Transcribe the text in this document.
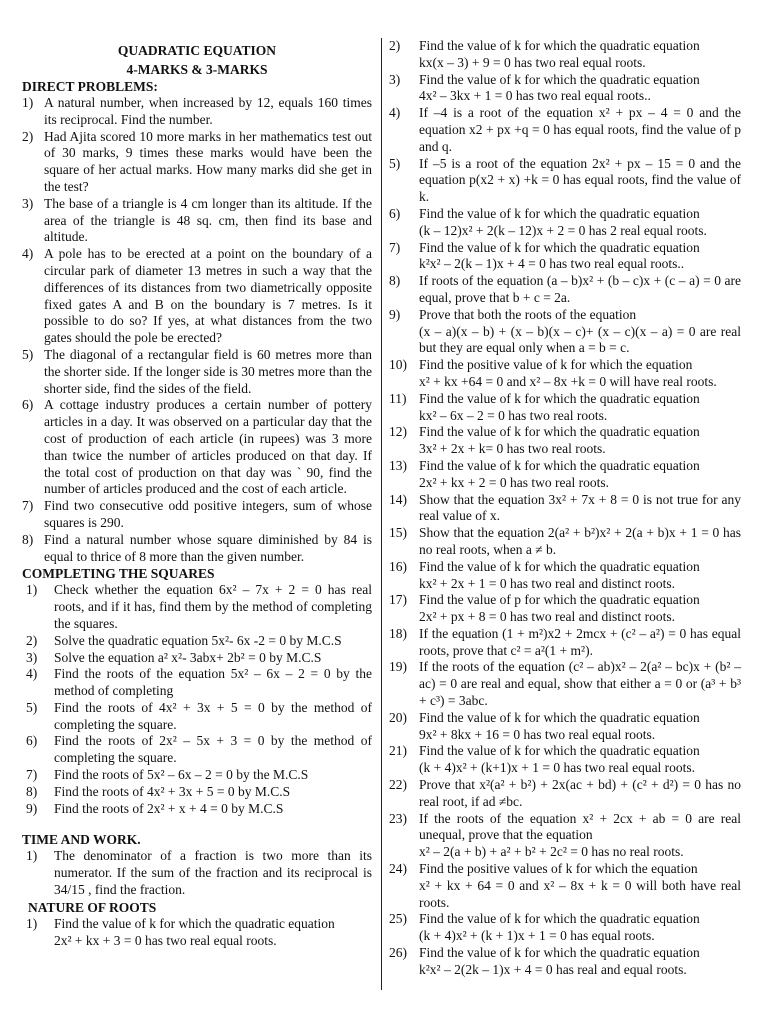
QUADRATIC EQUATION
4-MARKS & 3-MARKS
DIRECT PROBLEMS:
1) A natural number, when increased by 12, equals 160 times its reciprocal. Find the number.
2) Had Ajita scored 10 more marks in her mathematics test out of 30 marks, 9 times these marks would have been the square of her actual marks. How many marks did she get in the test?
3) The base of a triangle is 4 cm longer than its altitude. If the area of the triangle is 48 sq. cm, then find its base and altitude.
4) A pole has to be erected at a point on the boundary of a circular park of diameter 13 metres in such a way that the differences of its distances from two diametrically opposite fixed gates A and B on the boundary is 7 metres. Is it possible to do so? If yes, at what distances from the two gates should the pole be erected?
5) The diagonal of a rectangular field is 60 metres more than the shorter side. If the longer side is 30 metres more than the shorter side, find the sides of the field.
6) A cottage industry produces a certain number of pottery articles in a day. It was observed on a particular day that the cost of production of each article (in rupees) was 3 more than twice the number of articles produced on that day. If the total cost of production on that day was ` 90, find the number of articles produced and the cost of each article.
7) Find two consecutive odd positive integers, sum of whose squares is 290.
8) Find a natural number whose square diminished by 84 is equal to thrice of 8 more than the given number.
COMPLETING THE SQUARES
1)	Check whether the equation 6x² – 7x + 2 = 0 has real roots, and if it has, find them by the method of completing the squares.
2)	Solve the quadratic equation 5x²- 6x -2 = 0 by M.C.S
3)	Solve the equation a² x²- 3abx+ 2b² = 0 by M.C.S
4)	Find the roots of the equation 5x² – 6x – 2 = 0 by the method of completing
5)	Find the roots of 4x² + 3x + 5 = 0 by the method of completing the square.
6)	Find the roots of 2x² – 5x + 3 = 0 by the method of completing the square.
7)	Find the roots of 5x² – 6x – 2 = 0 by the M.C.S
8)	Find the roots of 4x² + 3x + 5 = 0 by M.C.S
9)	Find the roots of 2x² + x + 4 = 0 by M.C.S
TIME AND WORK.
1)	The denominator of a fraction is two more than its numerator. If the sum of the fraction and its reciprocal is 34/15 , find the fraction.
NATURE OF ROOTS
1)	Find the value of k for which the quadratic equation
2x² + kx + 3 = 0 has two real equal roots.
2)	Find the value of k for which the quadratic equation
kx(x – 3) + 9 = 0 has two real equal roots.
3)	Find the value of k for which the quadratic equation
4x² – 3kx + 1 = 0 has two real equal roots..
4)	If –4 is a root of the equation x² + px – 4 = 0 and the equation x2 + px +q = 0 has equal roots, find the value of p and q.
5)	If –5 is a root of the equation 2x² + px – 15 = 0 and the equation p(x2 + x) +k = 0 has equal roots, find the value of k.
6)	Find the value of k for which the quadratic equation
(k – 12)x² + 2(k – 12)x + 2 = 0 has 2 real equal roots.
7)	Find the value of k for which the quadratic equation
k²x² – 2(k – 1)x + 4 = 0 has two real equal roots..
8)	If roots of the equation (a – b)x² + (b – c)x + (c – a) = 0 are equal, prove that b + c = 2a.
9)	Prove that both the roots of the equation
(x – a)(x – b) + (x – b)(x – c)+ (x – c)(x – a) = 0 are real but they are equal only when a = b = c.
10) Find the positive value of k for which the equation
x² + kx +64 = 0 and x² – 8x +k = 0 will have real roots.
11) Find the value of k for which the quadratic equation
kx² – 6x – 2 = 0 has two real roots.
12) Find the value of k for which the quadratic equation
3x² + 2x + k= 0 has two real roots.
13) Find the value of k for which the quadratic equation
2x² + kx + 2 = 0 has two real roots.
14) Show that the equation 3x² + 7x + 8 = 0 is not true for any real value of x.
15) Show that the equation 2(a² + b²)x² + 2(a + b)x + 1 = 0 has no real roots, when a ≠ b.
16) Find the value of k for which the quadratic equation
kx² + 2x + 1 = 0 has two real and distinct roots.
17) Find the value of p for which the quadratic equation
2x² + px + 8 = 0 has two real and distinct roots.
18) If the equation (1 + m²)x2 + 2mcx + (c² – a²) = 0 has equal roots, prove that c² = a²(1 + m²).
19) If the roots of the equation (c² – ab)x² – 2(a² – bc)x + (b² – ac) = 0 are real and equal, show that either a = 0 or (a³ + b³ + c³) = 3abc.
20) Find the value of k for which the quadratic equation
9x² + 8kx + 16 = 0 has two real equal roots.
21) Find the value of k for which the quadratic equation
(k + 4)x² + (k+1)x + 1 = 0 has two real equal roots.
22) Prove that x²(a² + b²) + 2x(ac + bd) + (c² + d²) = 0 has no real root, if ad ≠bc.
23) If the roots of the equation x² + 2cx + ab = 0 are real unequal, prove that the equation
x² – 2(a + b) + a² + b² + 2c² = 0 has no real roots.
24) Find the positive values of k for which the equation
x² + kx + 64 = 0 and x² – 8x + k = 0 will both have real roots.
25) Find the value of k for which the quadratic equation
(k + 4)x² + (k + 1)x + 1 = 0 has equal roots.
26) Find the value of k for which the quadratic equation
k²x² – 2(2k – 1)x + 4 = 0 has real and equal roots.
